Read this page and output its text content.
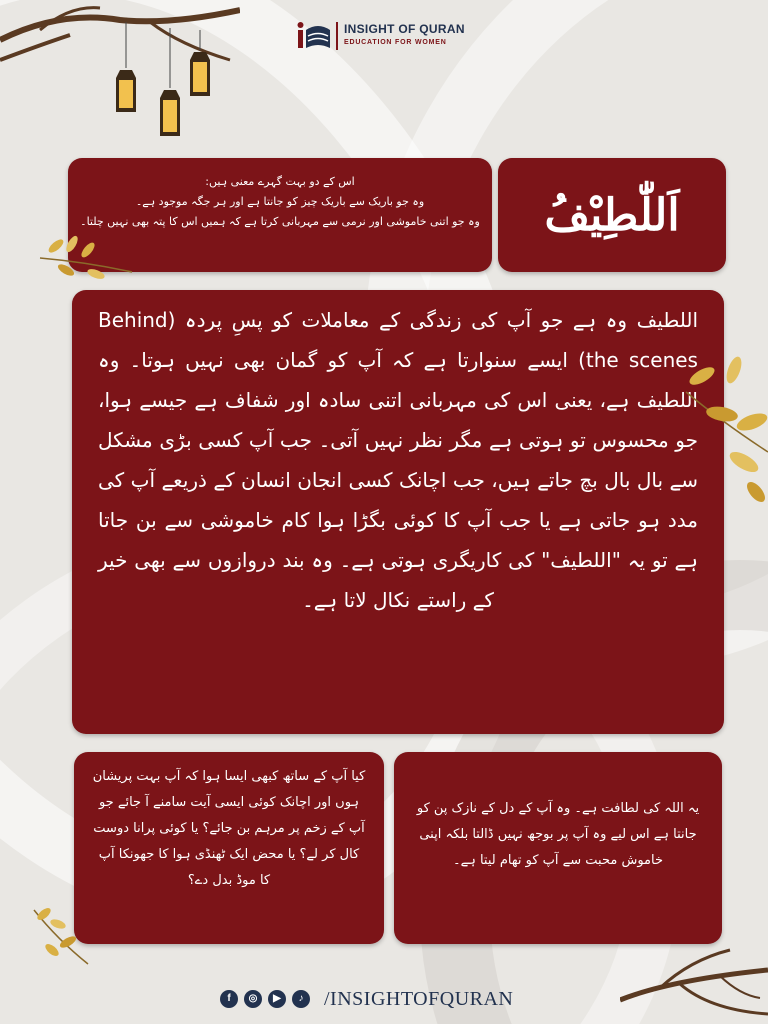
INSIGHT OF QURAN
EDUCATION FOR WOMEN
اَللّٰطِيْفُ
اس کے دو بہت گہرے معنی ہیں:
وہ جو باریک سے باریک چیز کو جانتا ہے اور ہر جگہ موجود ہے۔
وہ جو اتنی خاموشی اور نرمی سے مہربانی کرتا ہے کہ ہمیں اس کا پتہ بھی نہیں چلتا۔
اللطیف وہ ہے جو آپ کی زندگی کے معاملات کو پسِ پردہ (Behind the scenes) ایسے سنوارتا ہے کہ آپ کو گمان بھی نہیں ہوتا۔ وہ اللطیف ہے، یعنی اس کی مہربانی اتنی سادہ اور شفاف ہے جیسے ہوا، جو محسوس تو ہوتی ہے مگر نظر نہیں آتی۔ جب آپ کسی بڑی مشکل سے بال بال بچ جاتے ہیں، جب اچانک کسی انجان انسان کے ذریعے آپ کی مدد ہو جاتی ہے یا جب آپ کا کوئی بگڑا ہوا کام خاموشی سے بن جاتا ہے تو یہ "اللطیف" کی کاریگری ہوتی ہے۔ وہ بند دروازوں سے بھی خیر کے راستے نکال لاتا ہے۔
کیا آپ کے ساتھ کبھی ایسا ہوا کہ آپ بہت پریشان ہوں اور اچانک کوئی ایسی آیت سامنے آ جائے جو آپ کے زخم پر مرہم بن جائے؟ یا کوئی پرانا دوست کال کر لے؟ یا محض ایک ٹھنڈی ہوا کا جھونکا آپ کا موڈ بدل دے؟
یہ اللہ کی لطافت ہے۔ وہ آپ کے دل کے نازک پن کو جانتا ہے اس لیے وہ آپ پر بوجھ نہیں ڈالتا بلکہ اپنی خاموش محبت سے آپ کو تھام لیتا ہے۔
f	◎	▶	♪	/INSIGHTOFQURAN
